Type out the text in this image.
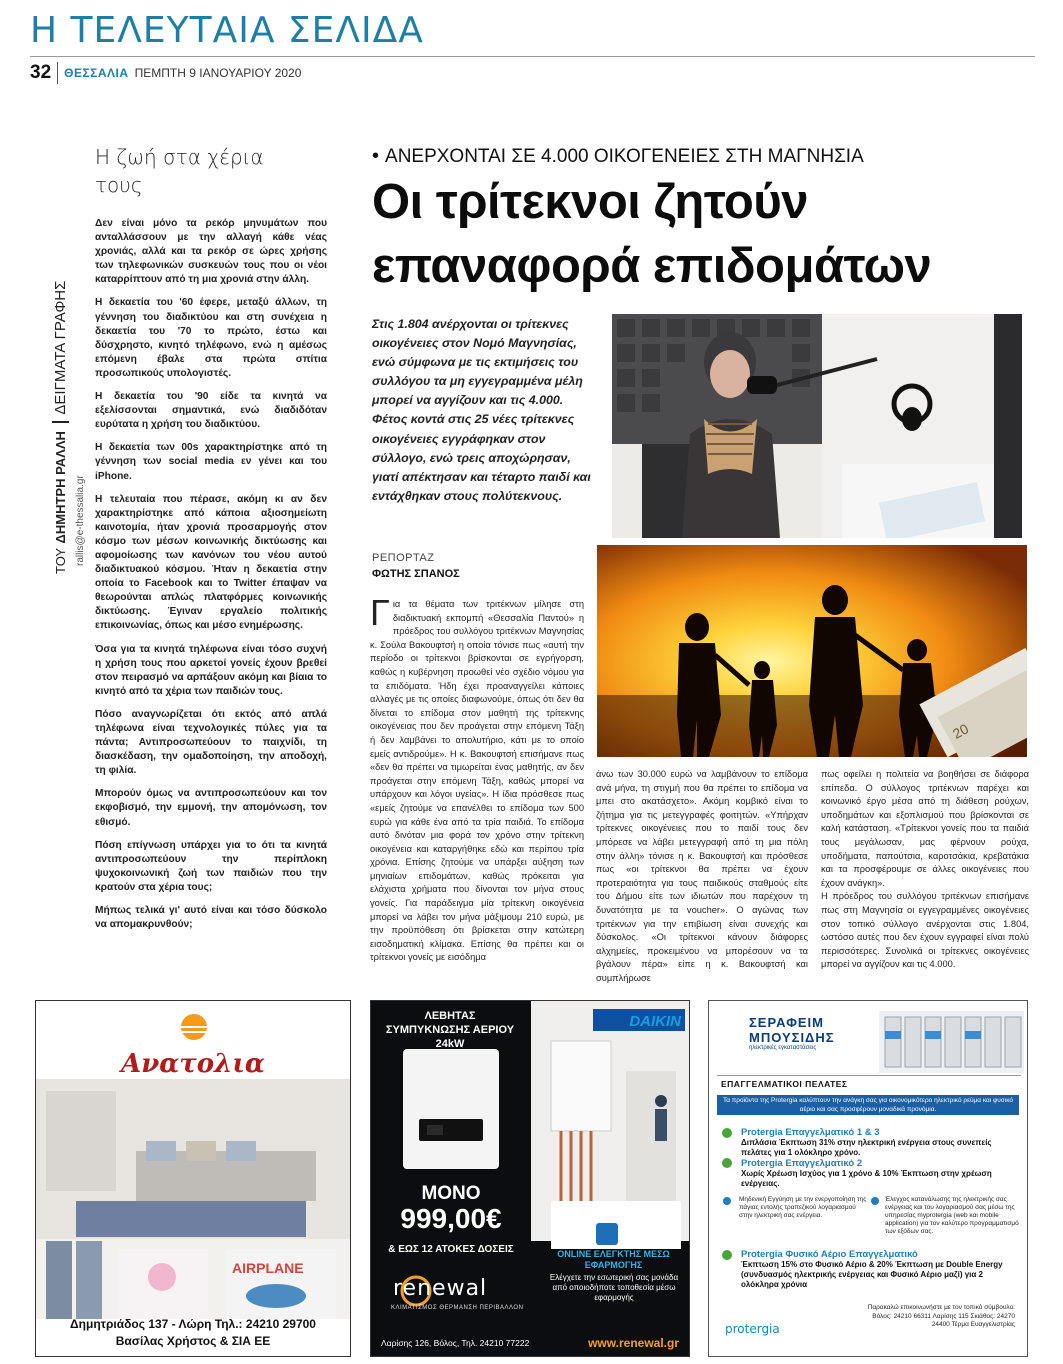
Η ΤΕΛΕΥΤΑΙΑ ΣΕΛΙΔΑ
32	ΘΕΣΣΑΛΙΑ ΠΕΜΠΤΗ 9 ΙΑΝΟΥΑΡΙΟΥ 2020
ΤΟΥ ΔΗΜΗΤΡΗ ΡΑΛΛΗ ΔΕΙΓΜΑΤΑ ΓΡΑΦΗΣ
rallis@e-thessalia.gr
Η ζωή στα χέρια τους

Δεν είναι μόνο τα ρεκόρ μηνυμάτων που ανταλλάσσουν με την αλλαγή κάθε νέας χρονιάς, αλλά και τα ρεκόρ σε ώρες χρήσης των τηλεφωνικών συσκευών τους που οι νέοι καταρρίπτουν από τη μια χρονιά στην άλλη.

Η δεκαετία του '60 έφερε, μεταξύ άλλων, τη γέννηση του διαδικτύου και στη συνέχεια η δεκαετία του '70 το πρώτο, έστω και δύσχρηστο, κινητό τηλέφωνο, ενώ η αμέσως επόμενη έβαλε στα πρώτα σπίτια προσωπικούς υπολογιστές.

Η δεκαετία του '90 είδε τα κινητά να εξελίσσονται σημαντικά, ενώ διαδιδόταν ευρύτατα η χρήση του διαδικτύου.

Η δεκαετία των 00s χαρακτηρίστηκε από τη γέννηση των social media εν γένει και του iPhone.

Η τελευταία που πέρασε, ακόμη κι αν δεν χαρακτηρίστηκε από κάποια αξιοσημείωτη καινοτομία, ήταν χρονιά προσαρμογής στον κόσμο των μέσων κοινωνικής δικτύωσης και αφομοίωσης των κανόνων του νέου αυτού διαδικτυακού κόσμου. Ήταν η δεκαετία στην οποία το Facebook και το Twitter έπαψαν να θεωρούνται απλώς πλατφόρμες κοινωνικής δικτύωσης. Έγιναν εργαλείο πολιτικής επικοινωνίας, όπως και μέσο ενημέρωσης.

Όσα για τα κινητά τηλέφωνα είναι τόσο συχνή η χρήση τους που αρκετοί γονείς έχουν βρεθεί στον πειρασμό να αρπάξουν ακόμη και βίαια το κινητό από τα χέρια των παιδιών τους.

Πόσο αναγνωρίζεται ότι εκτός από απλά τηλέφωνα είναι τεχνολογικές πύλες για τα πάντα; Αντιπροσωπεύουν το παιχνίδι, τη διασκέδαση, την ομαδοποίηση, την αποδοχή, τη φιλία.

Μπορούν όμως να αντιπροσωπεύουν και τον εκφοβισμό, την εμμονή, την απομόνωση, τον εθισμό.

Πόση επίγνωση υπάρχει για το ότι τα κινητά αντιπροσωπεύουν την περίπλοκη ψυχοκοινωνική ζωή των παιδιών που την κρατούν στα χέρια τους;

Μήπως τελικά γι' αυτό είναι και τόσο δύσκολο να απομακρυνθούν;

• ΑΝΕΡΧΟΝΤΑΙ ΣΕ 4.000 ΟΙΚΟΓΕΝΕΙΕΣ ΣΤΗ ΜΑΓΝΗΣΙΑ
Οι τρίτεκνοι ζητούν
επαναφορά επιδομάτων
Στις 1.804 ανέρχονται οι τρίτεκνες οικογένειες στον Νομό Μαγνησίας, ενώ σύμφωνα με τις εκτιμήσεις του συλλόγου τα μη εγγεγραμμένα μέλη μπορεί να αγγίζουν και τις 4.000. Φέτος κοντά στις 25 νέες τρίτεκνες οικογένειες εγγράφηκαν στον σύλλογο, ενώ τρεις αποχώρησαν, γιατί απέκτησαν και τέταρτο παιδί και εντάχθηκαν στους πολύτεκνους.
ΡΕΠΟΡΤΑΖ
ΦΩΤΗΣ ΣΠΑΝΟΣ
20
Γ ια τα θέματα των τριτέκνων μίλησε στη διαδικτυακή εκπομπή «Θεσσαλία Παντού» η πρόεδρος του συλλόγου τριτέκνων Μαγνησίας κ. Σούλα Βακουφτσή η οποία τόνισε πως «αυτή την περίοδο οι τρίτεκνοι βρίσκονται σε εγρήγορση, καθώς η κυβέρνηση προωθεί νέο σχέδιο νόμου για τα επιδόματα. Ήδη έχει προαναγγείλει κάποιες αλλαγές με τις οποίες διαφωνούμε, όπως ότι δεν θα δίνεται το επίδομα στον μαθητή της τρίτεκνης οικογένειας που δεν προάγεται στην επόμενη Τάξη ή δεν λαμβάνει το απολυτήριο, κάτι με το οποίο εμείς αντιδρούμε». Η κ. Βακουφτσή επισήμανε πως «δεν θα πρέπει να τιμωρείται ένας μαθητής, αν δεν προάγεται στην επόμενη Τάξη, καθώς μπορεί να υπάρχουν και λόγοι υγείας». Η ίδια πρόσθεσε πως «εμείς ζητούμε να επανέλθει το επίδομα των 500 ευρώ για κάθε ένα από τα τρία παιδιά. Το επίδομα αυτό δινόταν μια φορά τον χρόνο στην τρίτεκνη οικογένεια και καταργήθηκε εδώ και περίπου τρία χρόνια. Επίσης ζητούμε να υπάρξει αύξηση των μηνιαίων επιδομάτων, καθώς πρόκειται για ελάχιστα χρήματα που δίνονται τον μήνα στους γονείς. Για παράδειγμα μία τρίτεκνη οικογένεια μπορεί να λάβει τον μήνα μάξιμουμ 210 ευρώ, με την προϋπόθεση ότι βρίσκεται στην κατώτερη εισοδηματική κλίμακα. Επίσης θα πρέπει και οι τρίτεκνοι γονείς με εισόδημα

άνω των 30.000 ευρώ να λαμβάνουν το επίδομα ανά μήνα, τη στιγμή που θα πρέπει το επίδομα να μπει στο ακατάσχετο». Ακόμη κομβικό είναι το ζήτημα για τις μετεγγραφές φοιτητών. «Υπήρχαν τρίτεκνες οικογένειες που το παιδί τους δεν μπόρεσε να λάβει μετεγγραφή από τη μια πόλη στην άλλη» τόνισε η κ. Βακουφτσή και πρόσθεσε πως «οι τρίτεκνοι θα πρέπει να έχουν προτεραιότητα για τους παιδικούς σταθμούς είτε του Δήμου είτε των ιδιωτών που παρέχουν τη δυνατότητα με τα voucher». Ο αγώνας των τριτέκνων για την επιβίωση είναι συνεχής και δύσκολος. «Οι τρίτεκνοι κάνουν διάφορες αλχημείες, προκειμένου να μπορέσουν να τα βγάλουν πέρα» είπε η κ. Βακουφτσή και συμπλήρωσε

πως οφείλει η πολιτεία να βοηθήσει σε διάφορα επίπεδα. Ο σύλλογος τριτέκνων παρέχει και κοινωνικό έργο μέσα από τη διάθεση ρούχων, υποδημάτων και εξοπλισμού που βρίσκονται σε καλή κατάσταση. «Τρίτεκνοι γονείς που τα παιδιά τους μεγάλωσαν, μας φέρνουν ρούχα, υποδήματα, παπούτσια, καροτσάκια, κρεβατάκια και τα προσφέρουμε σε άλλες οικογένειες που έχουν ανάγκη».

Η πρόεδρος του συλλόγου τριτέκνων επισήμανε πως στη Μαγνησία οι εγγεγραμμένες οικογένειες στον τοπικό σύλλογο ανέρχονται στις 1.804, ωστόσο αυτές που δεν έχουν εγγραφεί είναι πολύ περισσότερες. Συνολικά οι τρίτεκνες οικογένειες μπορεί να αγγίζουν και τις 4.000.

AIRPLANE
Ανατολια
Δημητριάδος 137 - Λώρη Τηλ.: 24210 29700
Βασίλας Χρήστος & ΣΙΑ ΕΕ
ΛΕΒΗΤΑΣ ΣΥΜΠΥΚΝΩΣΗΣ ΑΕΡΙΟΥ 24kW
DAIKIN
ΜΟΝΟ
999,00€
& ΕΩΣ 12 ΑΤΟΚΕΣ ΔΟΣΕΙΣ
renewal
ΚΛΙΜΑΤΙΣΜΟΣ ΘΕΡΜΑΝΣΗ ΠΕΡΙΒΑΛΛΟΝ
ONLINE ΕΛΕΓΚΤΗΣ ΜΕΣΩ ΕΦΑΡΜΟΓΗΣ
Ελέγχετε την εσωτερική σας μονάδα από οποιοδήποτε τοποθεσία μέσω εφαρμογής
Λαρίσης 126, Βόλος, Τηλ. 24210 77222	www.renewal.gr
ΣΕΡΑΦΕΙΜ
ΜΠΟΥΣΙΔΗΣ
ηλεκτρικές εγκαταστάσεις
ΕΠΑΓΓΕΛΜΑΤΙΚΟΙ ΠΕΛΑΤΕΣ
Τα προϊόντα της Protergia καλύπτουν την ανάγκη σας για οικονομικότερο ηλεκτρικό ρεύμα και φυσικό αέριο και σας προσφέρουν μοναδικά προνόμια.
Protergia Επαγγελματικό 1 & 3
Διπλάσια Έκπτωση 31% στην ηλεκτρική ενέργεια στους συνεπείς πελάτες για 1 ολόκληρο χρόνο.
Protergia Επαγγελματικό 2
Χωρίς Χρέωση Ισχύος για 1 χρόνο & 10% Έκπτωση στην χρέωση ενέργειας.
Μηδενική Εγγύηση με την ενεργοποίηση της πάγιας εντολής τραπεζικού λογαριασμού στην ηλεκτρική σας ενέργεια.
Έλεγχος κατανάλωσης της ηλεκτρικής σας ενέργειας και του λογαριασμού σας μέσω της υπηρεσίας myprotergia (web και mobile application) για τον καλύτερο προγραμματισμό των εξόδων σας.
Protergia Φυσικό Αέριο Επαγγελματικό
Έκπτωση 15% στο Φυσικό Αέριο & 20% Έκπτωση με Double Energy (συνδυασμός ηλεκτρικής ενέργειας και Φυσικό Αέριο μαζί) για 2 ολόκληρα χρόνια
protergia
Παρακαλώ επικοινωνήστε με τον τοπικό σύμβουλο: Βόλος: 24210 66311 Λαρίσης 115 Σκιάθος: 24270 24400 Τέρμα Ευαγγελιστρίας
